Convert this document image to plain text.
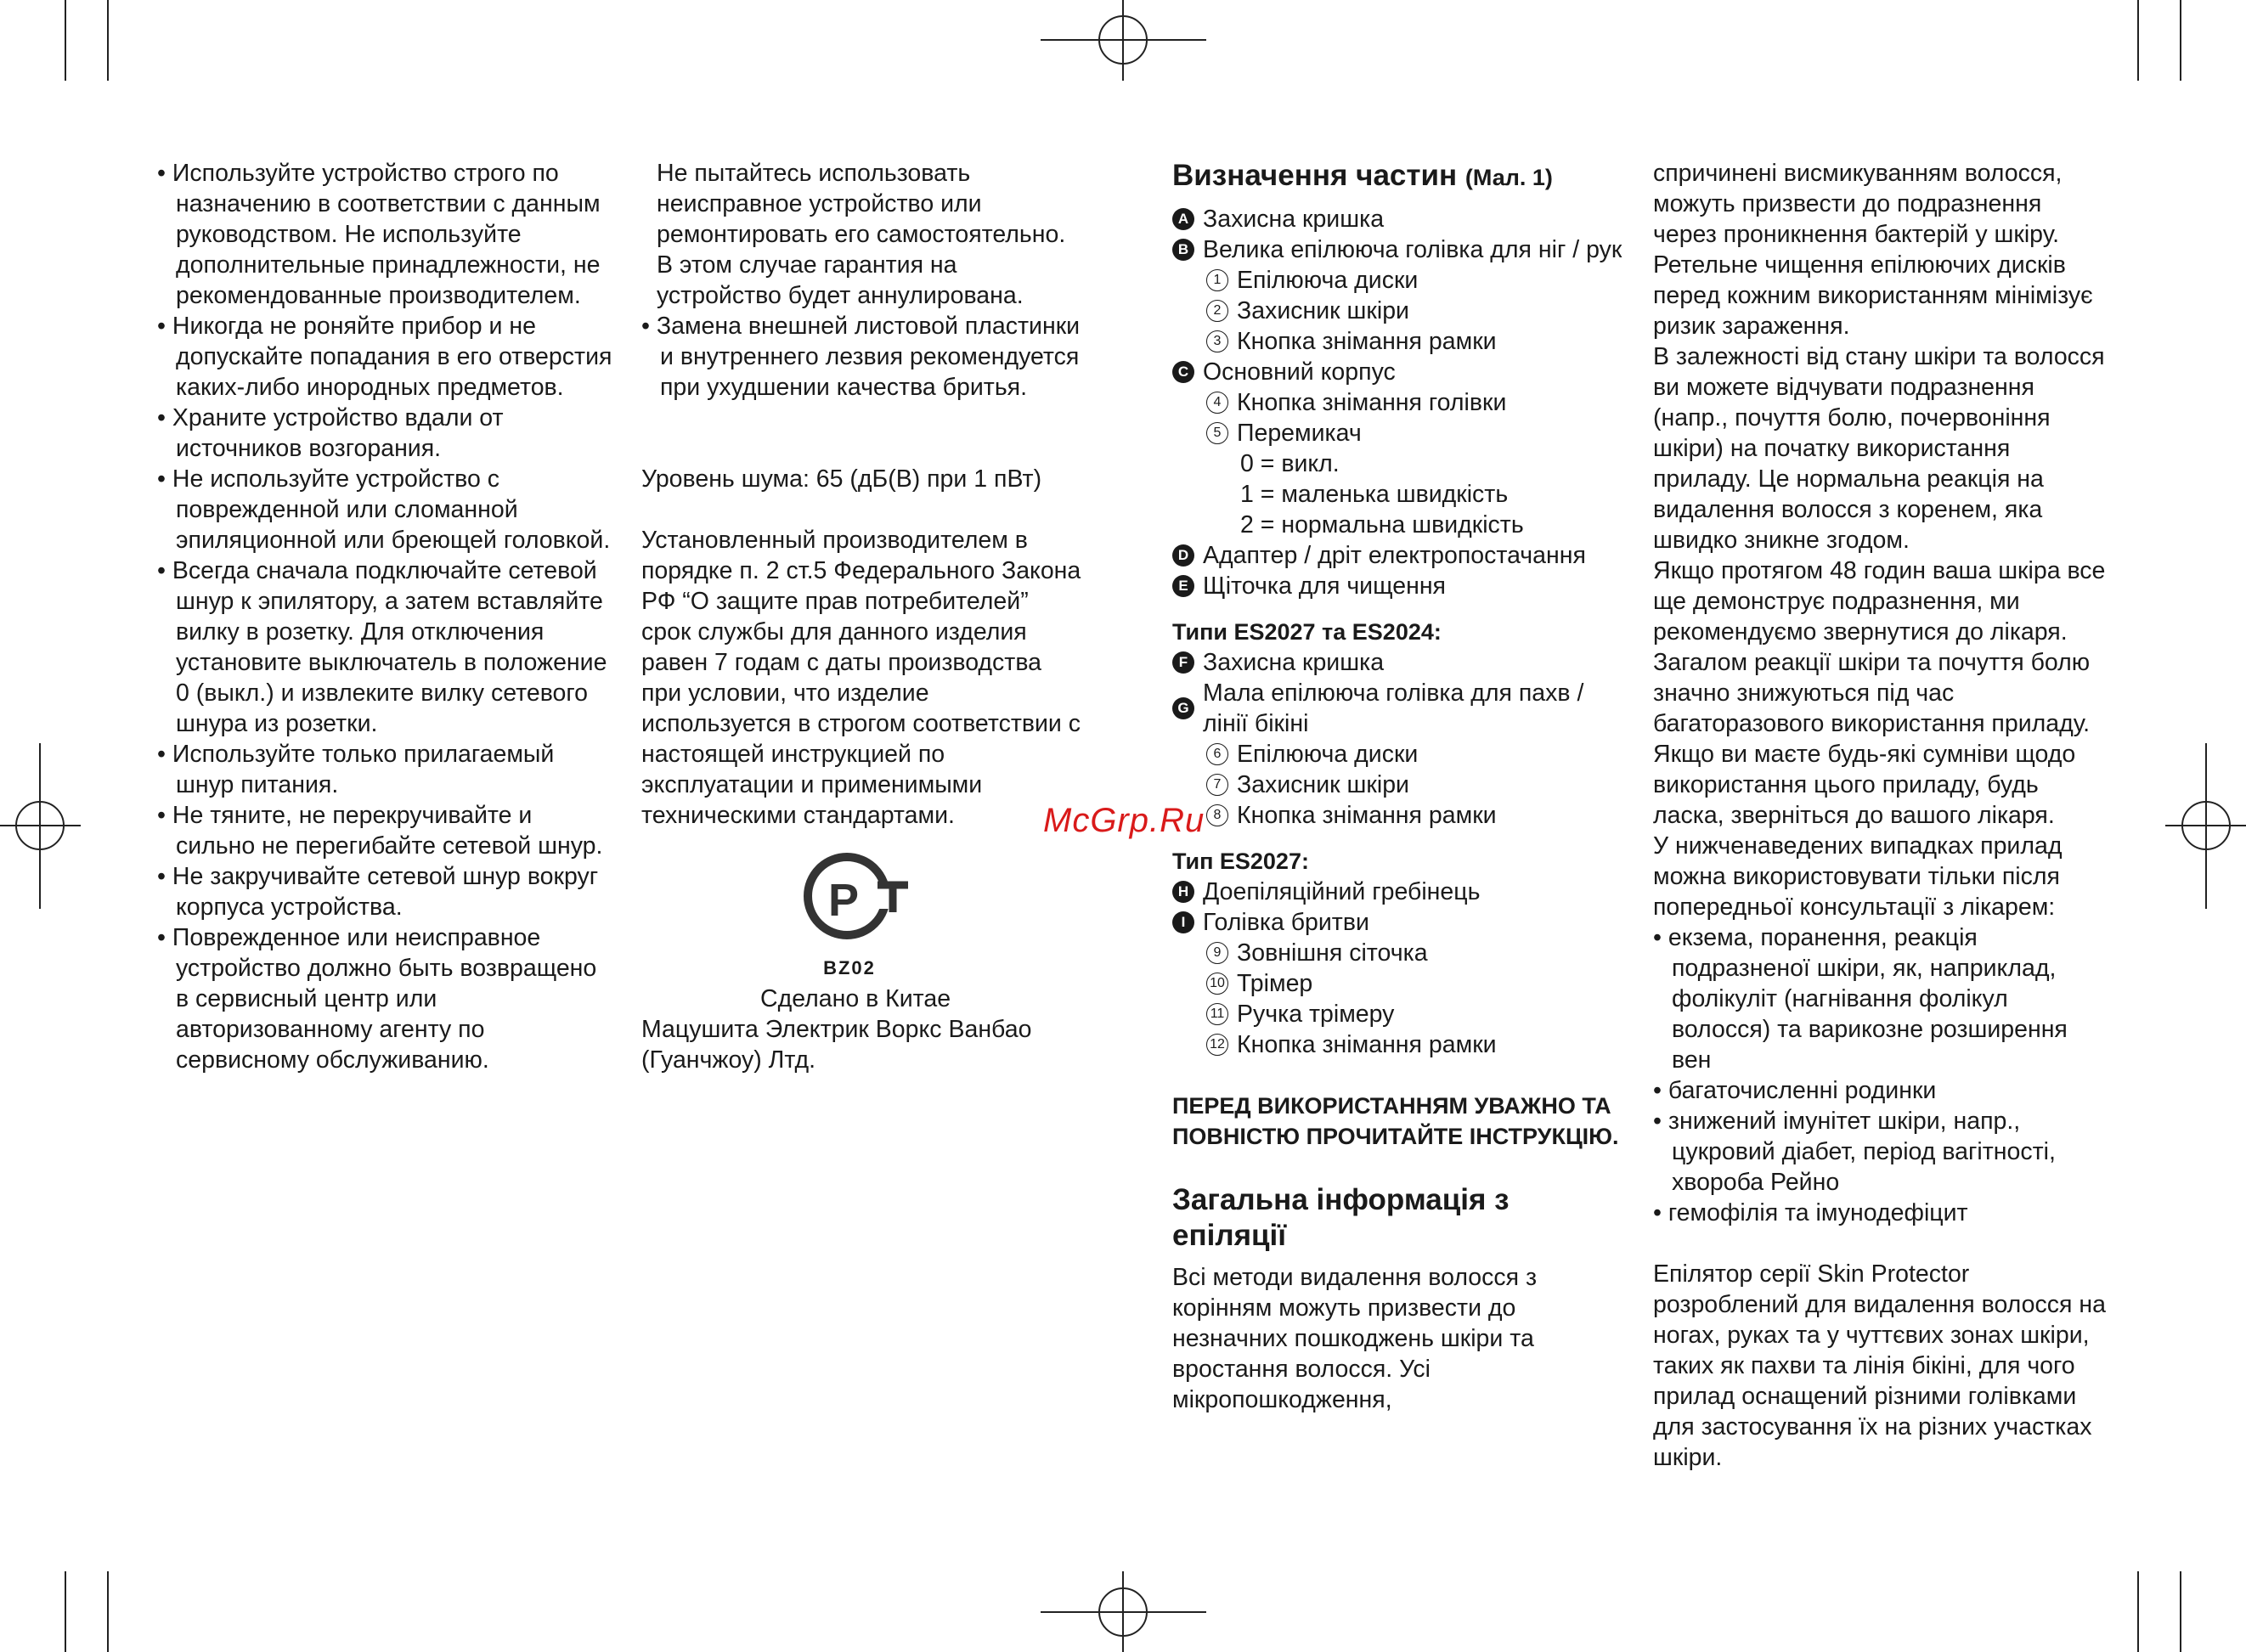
• Используйте устройство строго по назначению в соответствии с данным руководством. Не используйте дополнительные принадлежности, не рекомендованные производителем.

• Никогда не роняйте прибор и не допускайте попадания в его отверстия каких-либо инородных предметов.

• Храните устройство вдали от источников возгорания.

• Не используйте устройство с поврежденной или сломанной эпиляционной или бреющей головкой.

• Всегда сначала подключайте сетевой шнур к эпилятору, а затем вставляйте вилку в розетку. Для отключения установите выключатель в положение 0 (выкл.) и извлеките вилку сетевого шнура из розетки.

• Используйте только прилагаемый шнур питания.

• Не тяните, не перекручивайте и сильно не перегибайте сетевой шнур.

• Не закручивайте сетевой шнур вокруг корпуса устройства.

• Поврежденное или неисправное устройство должно быть возвращено в сервисный центр или авторизованному агенту по сервисному обслуживанию.

Не пытайтесь использовать неисправное устройство или ремонтировать его самостоятельно. В этом случае гарантия на устройство будет аннулирована.

• Замена внешней листовой пластинки и внутреннего лезвия рекомендуется при ухудшении качества бритья.

Уровень шума: 65 (дБ(B) при 1 пВт)

Установленный производителем в порядке п. 2 ст.5 Федерального Закона РФ “О защите прав потребителей” срок службы для данного изделия равен 7 годам с даты производства при условии, что изделие используется в строгом соответствии с настоящей инструкцией по эксплуатации и применимыми техническими стандартами.

Мацушита Электрик Воркс Ванбао (Гуанчжоу) Лтд.

P
BZ02
Сделано в Китае
McGrp.Ru
Визначення частин (Мал. 1)
A Захисна кришка
B Велика епілююча голівка для ніг / рук
1 Епілююча диски
2 Захисник шкіри
3 Кнопка знімання рамки
C Основний корпус
4 Кнопка знімання голівки
5 Перемикач
0 = викл.
1 = маленька швидкість
2 = нормальна швидкість
D Адаптер / дріт електропостачання
E Щіточка для чищення
Типи ES2027 та ES2024:
F Захисна кришка
G
Мала епілююча голівка для пахв / лінії бікіні
6 Епілююча диски
7 Захисник шкіри
8 Кнопка знімання рамки
Тип ES2027:
H Доепіляційний гребінець
I Голівка бритви
9 Зовнішня сіточка
10 Трімер
11 Ручка трімеру
12 Кнопка знімання рамки

ПЕРЕД ВИКОРИСТАННЯМ УВАЖНО ТА ПОВНІСТЮ ПРОЧИТАЙТЕ ІНСТРУКЦІЮ.

Загальна інформація з епіляції

Всі методи видалення волосся з корінням можуть призвести до незначних пошкоджень шкіри та вростання волосся. Усі мікропошкодження,

спричинені висмикуванням волосся, можуть призвести до подразнення через проникнення бактерій у шкіру. Ретельне чищення епілюючих дисків перед кожним використанням мінімізує ризик зараження.

В залежності від стану шкіри та волосся ви можете відчувати подразнення (напр., почуття болю, почервоніння шкіри) на початку використання приладу. Це нормальна реакція на видалення волосся з коренем, яка швидко зникне згодом.

Якщо протягом 48 годин ваша шкіра все ще демонструє подразнення, ми рекомендуємо звернутися до лікаря. Загалом реакції шкіри та почуття болю значно знижуються під час багаторазового використання приладу. Якщо ви маєте будь-які сумніви щодо використання цього приладу, будь ласка, зверніться до вашого лікаря.

У нижченаведених випадках прилад можна використовувати тільки після попередньої консультації з лікарем:

• екзема, поранення, реакція подразненої шкіри, як, наприклад, фолікуліт (нагнівання фолікул волосся) та варикозне розширення вен

• багаточисленні родинки

• знижений імунітет шкіри, напр., цукровий діабет, період вагітності, хвороба Рейно

• гемофілія та імунодефіцит

Епілятор серії Skin Protector розроблений для видалення волосся на ногах, руках та у чуттєвих зонах шкіри, таких як пахви та лінія бікіні, для чого прилад оснащений різними голівками для застосування їх на різних участках шкіри.
